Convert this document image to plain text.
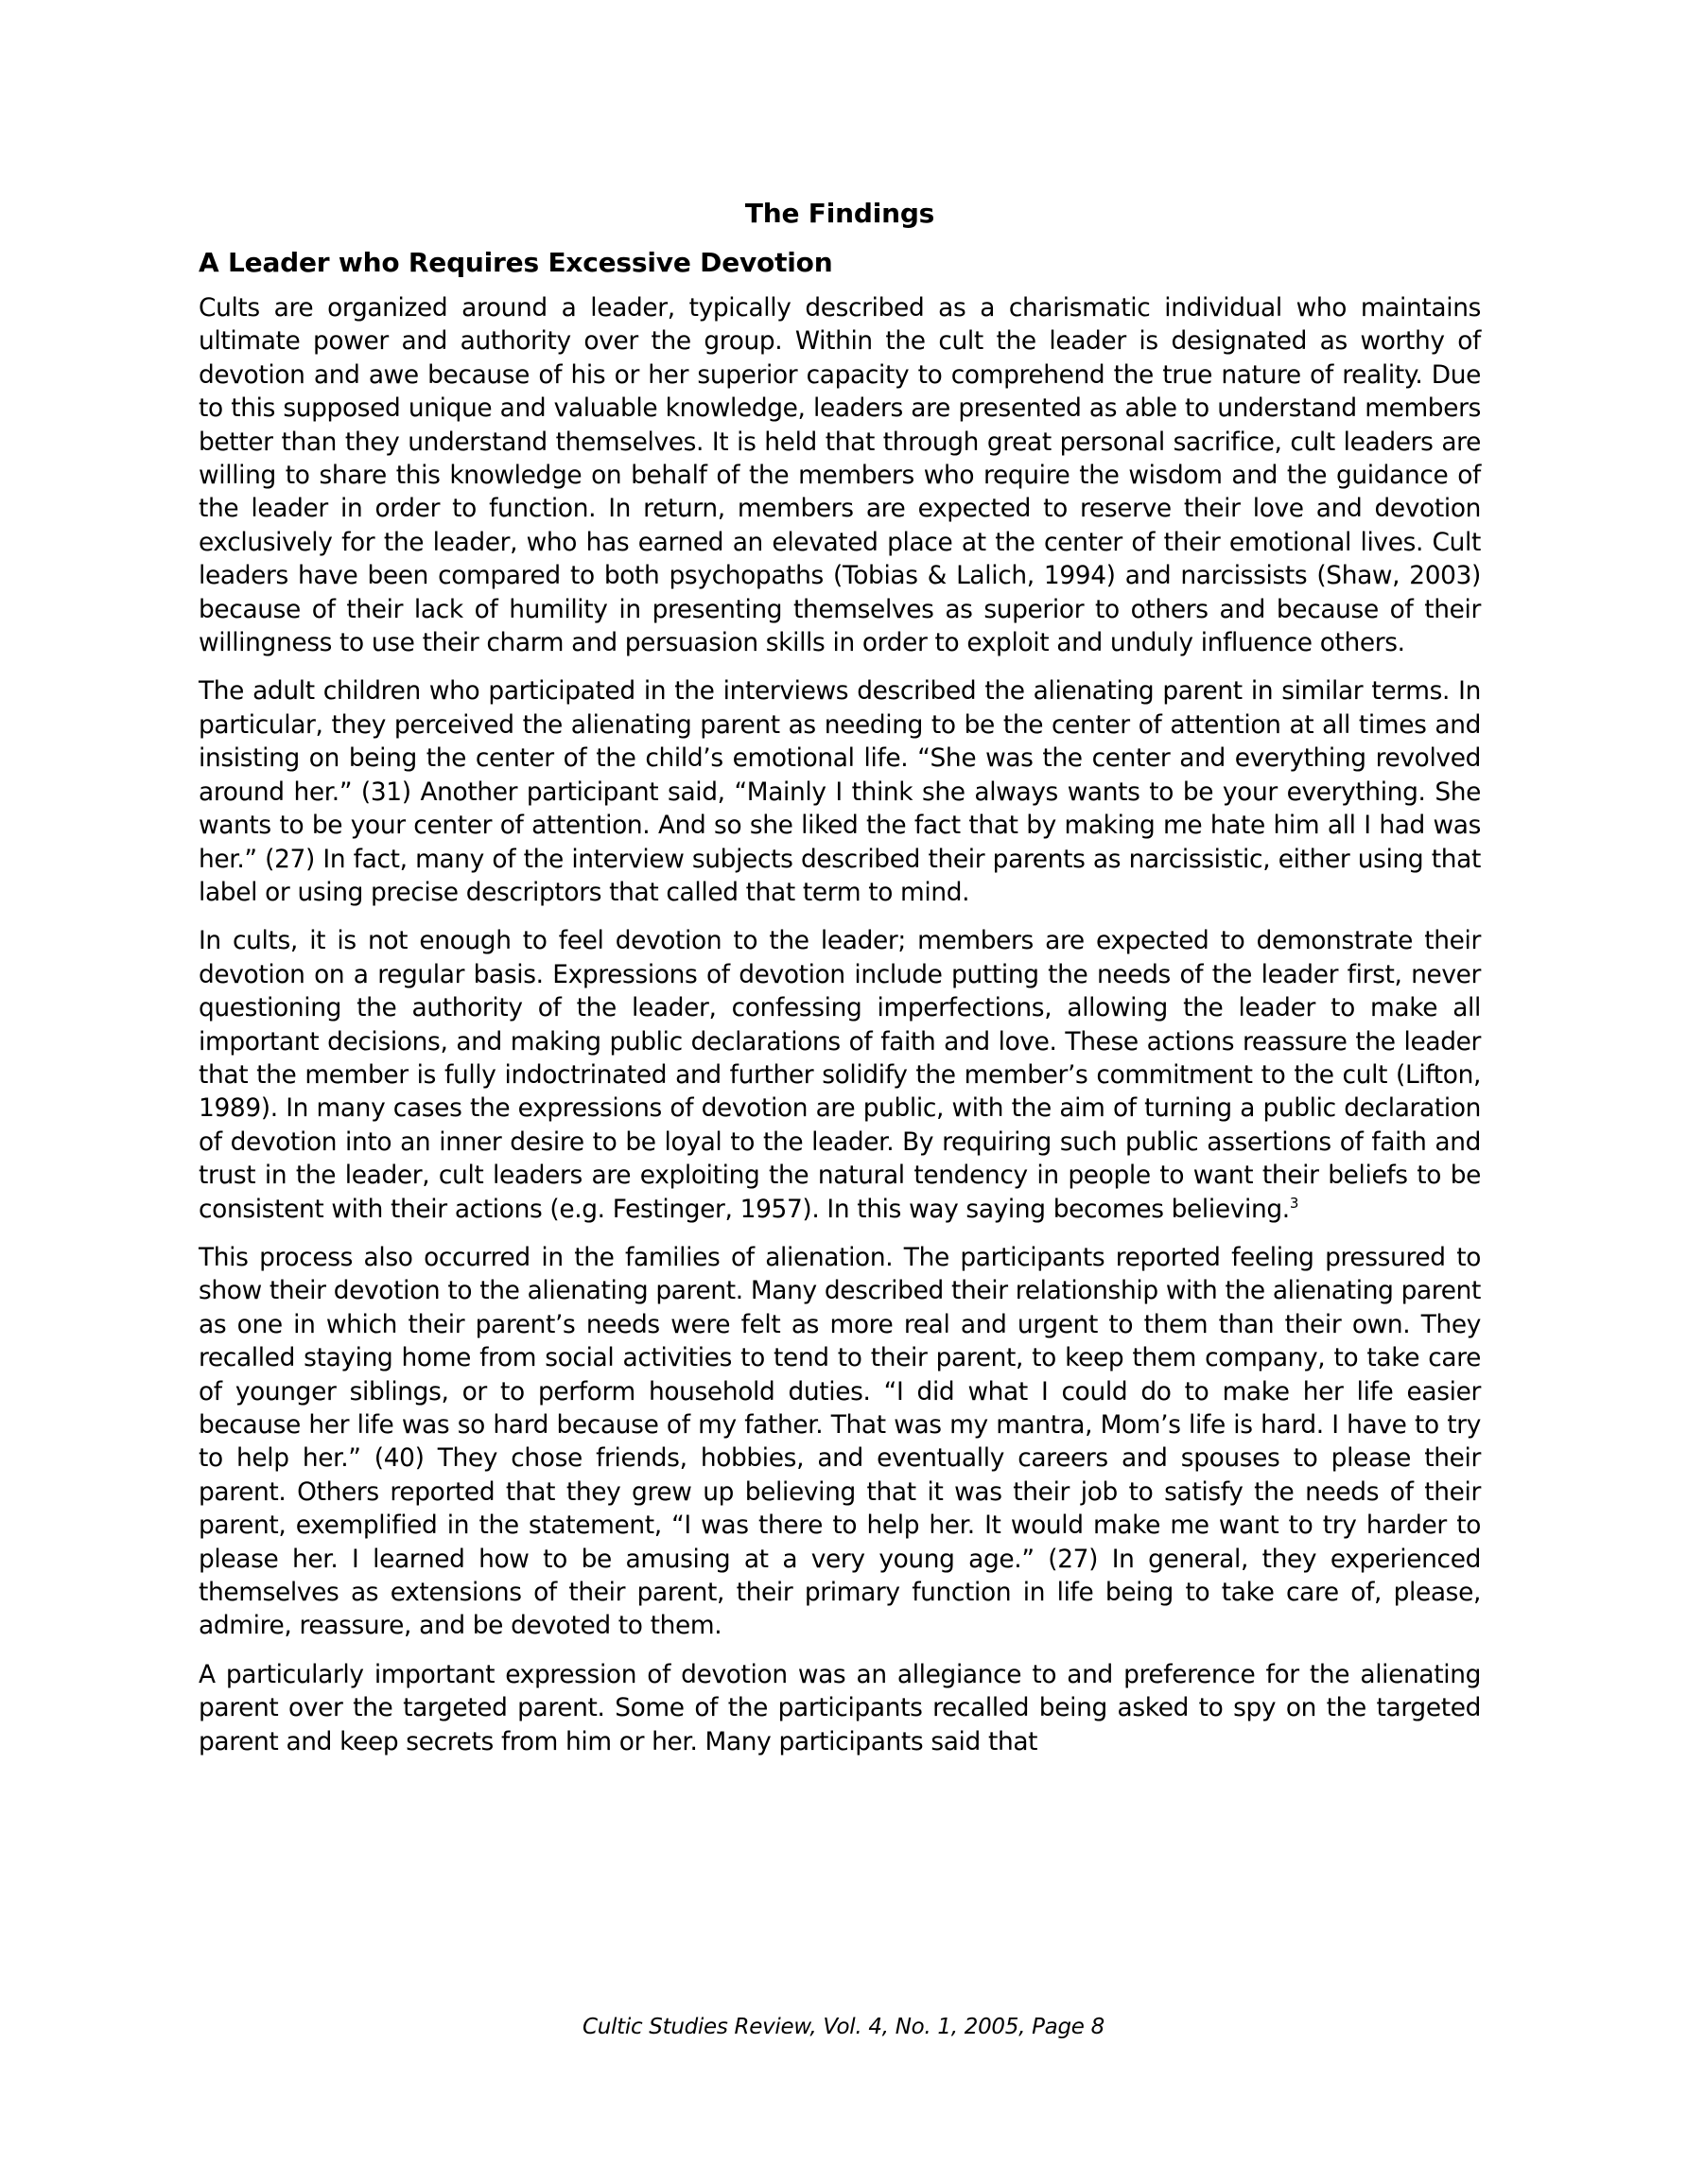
The Findings
A Leader who Requires Excessive Devotion

Cults are organized around a leader, typically described as a charismatic individual who maintains ultimate power and authority over the group. Within the cult the leader is designated as worthy of devotion and awe because of his or her superior capacity to comprehend the true nature of reality. Due to this supposed unique and valuable knowledge, leaders are presented as able to understand members better than they understand themselves. It is held that through great personal sacrifice, cult leaders are willing to share this knowledge on behalf of the members who require the wisdom and the guidance of the leader in order to function. In return, members are expected to reserve their love and devotion exclusively for the leader, who has earned an elevated place at the center of their emotional lives. Cult leaders have been compared to both psychopaths (Tobias & Lalich, 1994) and narcissists (Shaw, 2003) because of their lack of humility in presenting themselves as superior to others and because of their willingness to use their charm and persuasion skills in order to exploit and unduly influence others.

The adult children who participated in the interviews described the alienating parent in similar terms. In particular, they perceived the alienating parent as needing to be the center of attention at all times and insisting on being the center of the child’s emotional life. “She was the center and everything revolved around her.” (31) Another participant said, “Mainly I think she always wants to be your everything. She wants to be your center of attention. And so she liked the fact that by making me hate him all I had was her.” (27) In fact, many of the interview subjects described their parents as narcissistic, either using that label or using precise descriptors that called that term to mind.

In cults, it is not enough to feel devotion to the leader; members are expected to demonstrate their devotion on a regular basis. Expressions of devotion include putting the needs of the leader first, never questioning the authority of the leader, confessing imperfections, allowing the leader to make all important decisions, and making public declarations of faith and love. These actions reassure the leader that the member is fully indoctrinated and further solidify the member’s commitment to the cult (Lifton, 1989). In many cases the expressions of devotion are public, with the aim of turning a public declaration of devotion into an inner desire to be loyal to the leader. By requiring such public assertions of faith and trust in the leader, cult leaders are exploiting the natural tendency in people to want their beliefs to be consistent with their actions (e.g. Festinger, 1957). In this way saying becomes believing.$^3$

This process also occurred in the families of alienation. The participants reported feeling pressured to show their devotion to the alienating parent. Many described their relationship with the alienating parent as one in which their parent’s needs were felt as more real and urgent to them than their own. They recalled staying home from social activities to tend to their parent, to keep them company, to take care of younger siblings, or to perform household duties. “I did what I could do to make her life easier because her life was so hard because of my father. That was my mantra, Mom’s life is hard. I have to try to help her.” (40) They chose friends, hobbies, and eventually careers and spouses to please their parent. Others reported that they grew up believing that it was their job to satisfy the needs of their parent, exemplified in the statement, “I was there to help her. It would make me want to try harder to please her. I learned how to be amusing at a very young age.” (27) In general, they experienced themselves as extensions of their parent, their primary function in life being to take care of, please, admire, reassure, and be devoted to them.

A particularly important expression of devotion was an allegiance to and preference for the alienating parent over the targeted parent. Some of the participants recalled being asked to spy on the targeted parent and keep secrets from him or her. Many participants said that

Cultic Studies Review, Vol. 4, No. 1, 2005, Page 8
